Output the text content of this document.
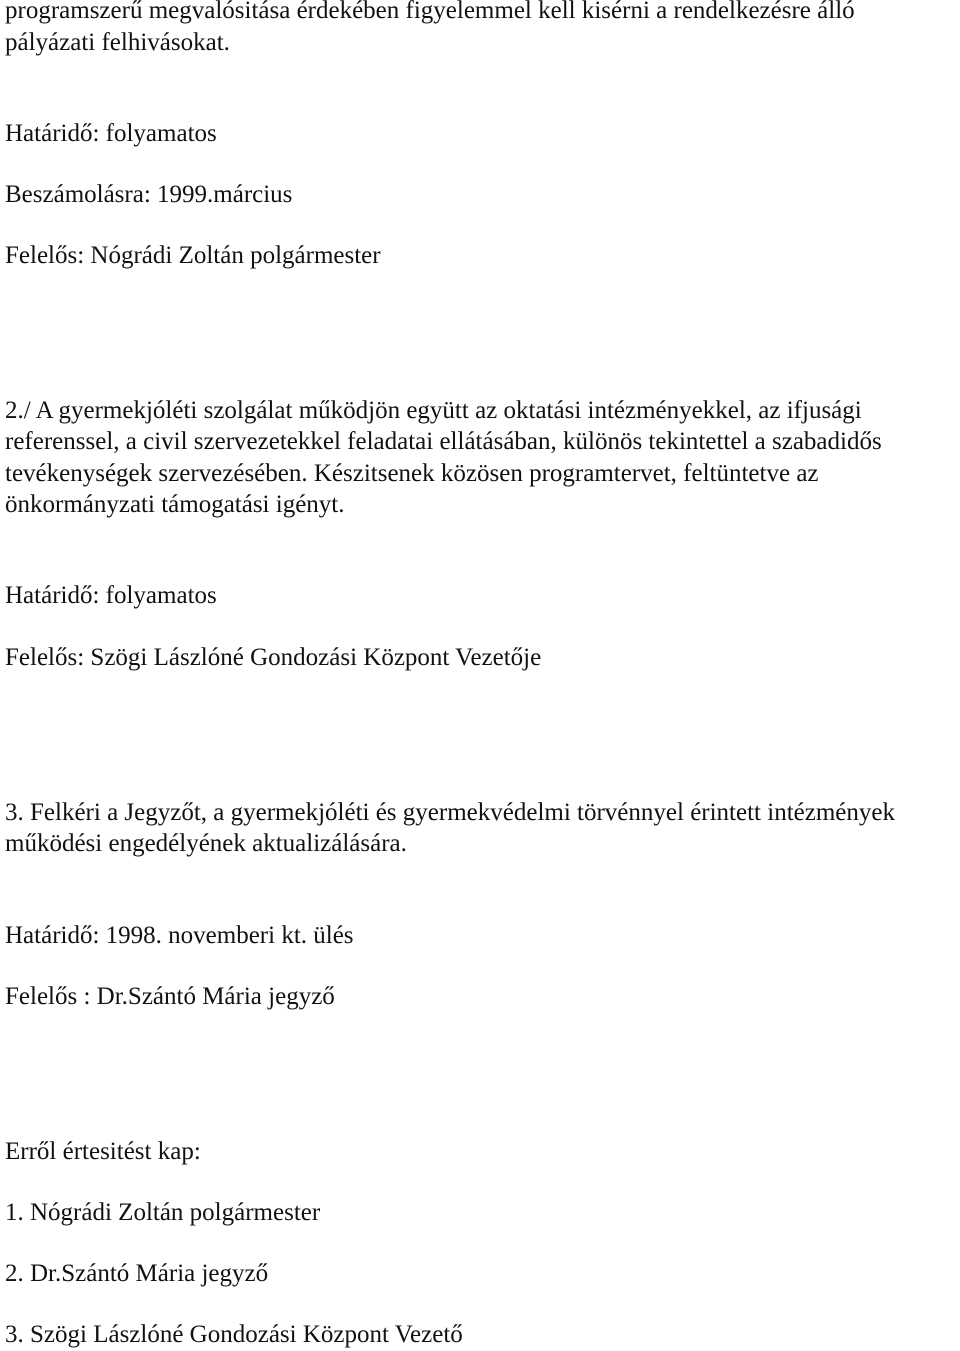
programszerű megvalósitása érdekében figyelemmel kell kisérni a rendelkezésre álló
pályázati felhivásokat.
Határidő: folyamatos
Beszámolásra: 1999.március
Felelős: Nógrádi Zoltán polgármester
2./ A gyermekjóléti szolgálat működjön együtt az oktatási intézményekkel, az ifjusági
referenssel, a civil szervezetekkel feladatai ellátásában, különös tekintettel a szabadidős
tevékenységek szervezésében. Készitsenek közösen programtervet, feltüntetve az
önkormányzati támogatási igényt.
Határidő: folyamatos
Felelős: Szögi Lászlóné Gondozási Központ Vezetője
3. Felkéri a Jegyzőt, a gyermekjóléti és gyermekvédelmi törvénnyel érintett intézmények
működési engedélyének aktualizálására.
Határidő: 1998. novemberi kt. ülés
Felelős : Dr.Szántó Mária jegyző
Erről értesitést kap:
1. Nógrádi Zoltán polgármester
2. Dr.Szántó Mária jegyző
3. Szögi Lászlóné Gondozási Központ Vezető
